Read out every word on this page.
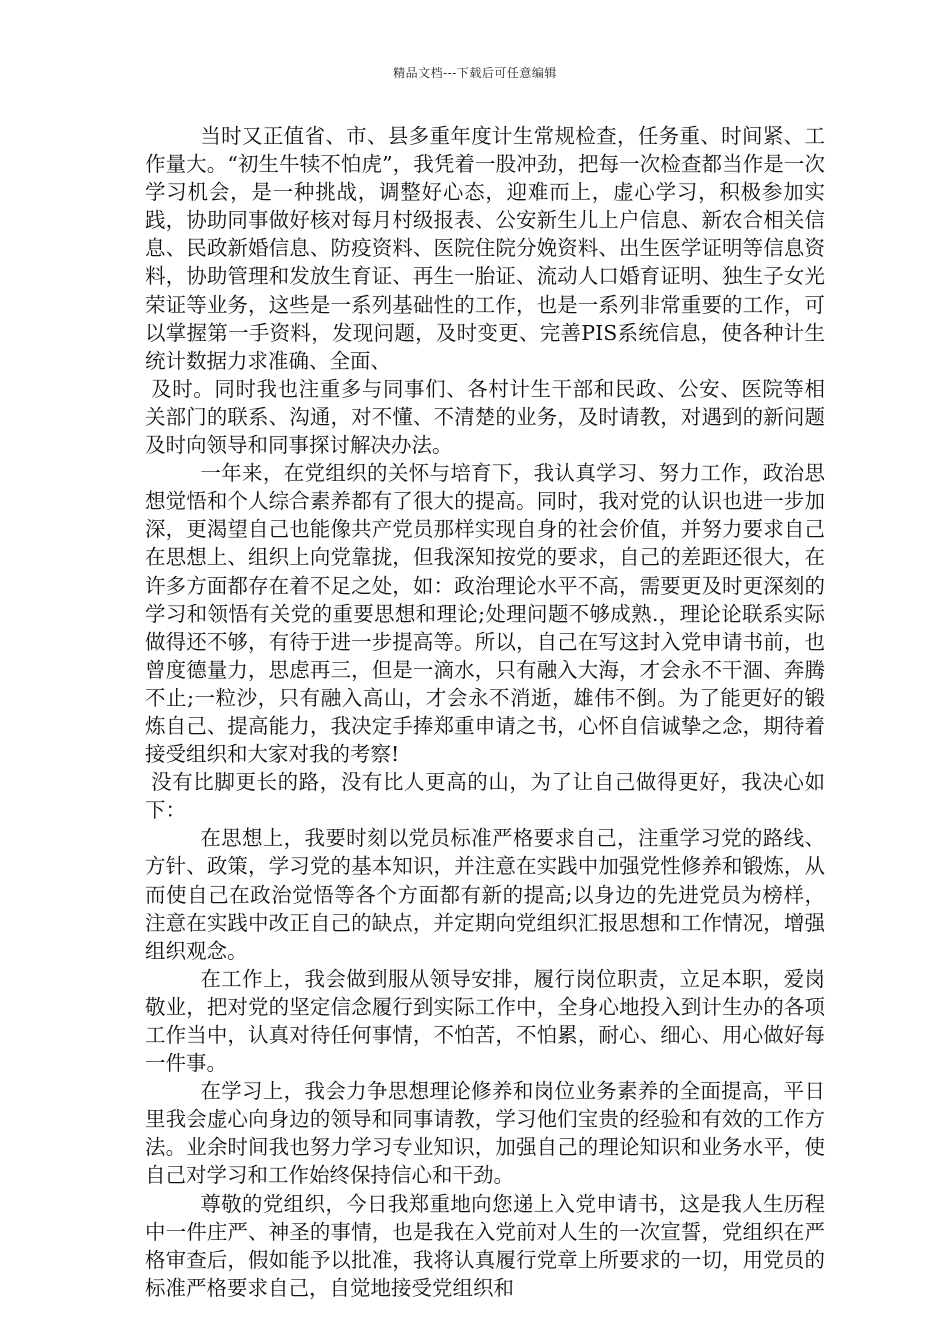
精品文档---下载后可任意编辑

当时又正值省、市、县多重年度计生常规检查，任务重、时间紧、工作量大。“初生牛犊不怕虎”，我凭着一股冲劲，把每一次检查都当作是一次学习机会，是一种挑战，调整好心态，迎难而上，虚心学习，积极参加实践，协助同事做好核对每月村级报表、公安新生儿上户信息、新农合相关信息、民政新婚信息、防疫资料、医院住院分娩资料、出生医学证明等信息资料，协助管理和发放生育证、再生一胎证、流动人口婚育证明、独生子女光荣证等业务，这些是一系列基础性的工作，也是一系列非常重要的工作，可以掌握第一手资料，发现问题，及时变更、完善PIS系统信息，使各种计生统计数据力求准确、全面、

及时。同时我也注重多与同事们、各村计生干部和民政、公安、医院等相关部门的联系、沟通，对不懂、不清楚的业务，及时请教，对遇到的新问题及时向领导和同事探讨解决办法。

一年来，在党组织的关怀与培育下，我认真学习、努力工作，政治思想觉悟和个人综合素养都有了很大的提高。同时，我对党的认识也进一步加深，更渴望自己也能像共产党员那样实现自身的社会价值，并努力要求自己在思想上、组织上向党靠拢，但我深知按党的要求，自己的差距还很大，在许多方面都存在着不足之处，如：政治理论水平不高，需要更及时更深刻的学习和领悟有关党的重要思想和理论;处理问题不够成熟.，理论论联系实际做得还不够，有待于进一步提高等。所以，自己在写这封入党申请书前，也曾度德量力，思虑再三，但是一滴水，只有融入大海，才会永不干涸、奔腾不止;一粒沙，只有融入高山，才会永不消逝，雄伟不倒。为了能更好的锻炼自己、提高能力，我决定手捧郑重申请之书，心怀自信诚挚之念，期待着接受组织和大家对我的考察!

没有比脚更长的路，没有比人更高的山，为了让自己做得更好，我决心如下：

在思想上，我要时刻以党员标准严格要求自己，注重学习党的路线、方针、政策，学习党的基本知识，并注意在实践中加强党性修养和锻炼，从而使自己在政治觉悟等各个方面都有新的提高;以身边的先进党员为榜样，注意在实践中改正自己的缺点，并定期向党组织汇报思想和工作情况，增强组织观念。

在工作上，我会做到服从领导安排，履行岗位职责，立足本职，爱岗敬业，把对党的坚定信念履行到实际工作中，全身心地投入到计生办的各项工作当中，认真对待任何事情，不怕苦，不怕累，耐心、细心、用心做好每一件事。

在学习上，我会力争思想理论修养和岗位业务素养的全面提高，平日里我会虚心向身边的领导和同事请教，学习他们宝贵的经验和有效的工作方法。业余时间我也努力学习专业知识，加强自己的理论知识和业务水平，使自己对学习和工作始终保持信心和干劲。

尊敬的党组织，今日我郑重地向您递上入党申请书，这是我人生历程中一件庄严、神圣的事情，也是我在入党前对人生的一次宣誓，党组织在严格审查后，假如能予以批准，我将认真履行党章上所要求的一切，用党员的标准严格要求自己，自觉地接受党组织和
